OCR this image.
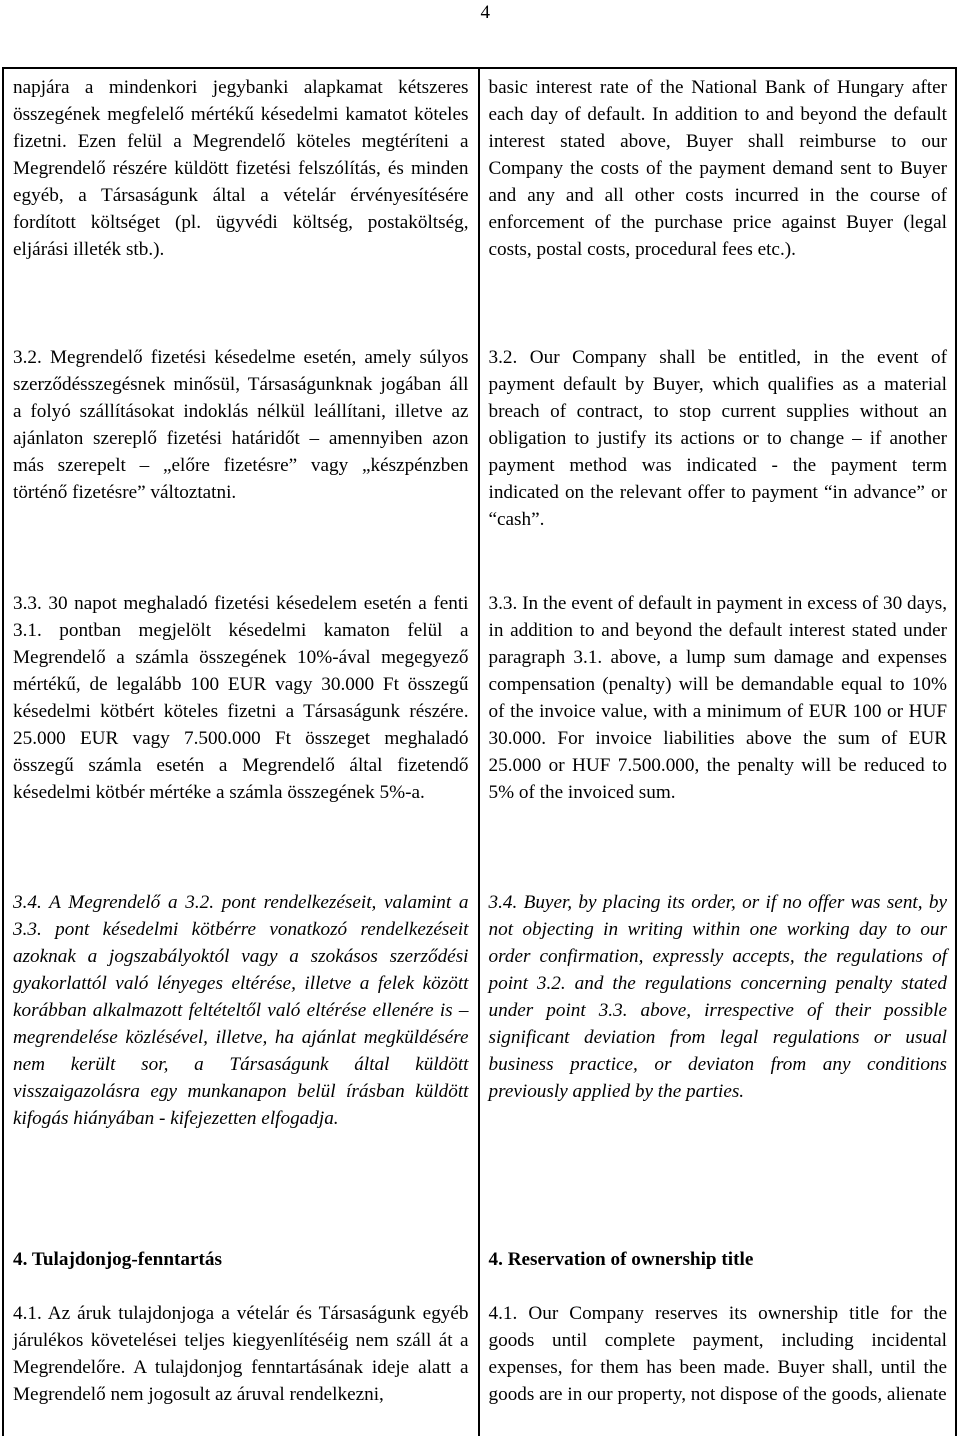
4
napjára a mindenkori jegybanki alapkamat kétszeres összegének megfelelő mértékű késedelmi kamatot köteles fizetni. Ezen felül a Megrendelő köteles megtéríteni a Megrendelő részére küldött fizetési felszólítás, és minden egyéb, a Társaságunk által a vételár érvényesítésére fordított költséget (pl. ügyvédi költség, postaköltség, eljárási illeték stb.).
3.2. Megrendelő fizetési késedelme esetén, amely súlyos szerződésszegésnek minősül, Társaságunknak jogában áll a folyó szállításokat indoklás nélkül leállítani, illetve az ajánlaton szereplő fizetési határidőt – amennyiben azon más szerepelt – „előre fizetésre” vagy „készpénzben történő fizetésre” változtatni.
3.3. 30 napot meghaladó fizetési késedelem esetén a fenti 3.1. pontban megjelölt késedelmi kamaton felül a Megrendelő a számla összegének 10%-ával megegyező mértékű, de legalább 100 EUR vagy 30.000 Ft összegű késedelmi kötbért köteles fizetni a Társaságunk részére. 25.000 EUR vagy 7.500.000 Ft összeget meghaladó összegű számla esetén a Megrendelő által fizetendő késedelmi kötbér mértéke a számla összegének 5%-a.
3.4. A Megrendelő a 3.2. pont rendelkezéseit, valamint a 3.3. pont késedelmi kötbérre vonatkozó rendelkezéseit azoknak a jogszabályoktól vagy a szokásos szerződési gyakorlattól való lényeges eltérése, illetve a felek között korábban alkalmazott feltételtől való eltérése ellenére is – megrendelése közlésével, illetve, ha ajánlat megküldésére nem került sor, a Társaságunk által küldött visszaigazolásra egy munkanapon belül írásban küldött kifogás hiányában - kifejezetten elfogadja.
4. Tulajdonjog-fenntartás
4.1. Az áruk tulajdonjoga a vételár és Társaságunk egyéb járulékos követelései teljes kiegyenlítéséig nem száll át a Megrendelőre. A tulajdonjog fenntartásának ideje alatt a Megrendelő nem jogosult az áruval rendelkezni,
basic interest rate of the National Bank of Hungary after each day of default. In addition to and beyond the default interest stated above, Buyer shall reimburse to our Company the costs of the payment demand sent to Buyer and any and all other costs incurred in the course of enforcement of the purchase price against Buyer (legal costs, postal costs, procedural fees etc.).
3.2. Our Company shall be entitled, in the event of payment default by Buyer, which qualifies as a material breach of contract, to stop current supplies without an obligation to justify its actions or to change – if another payment method was indicated - the payment term indicated on the relevant offer to payment “in advance” or “cash”.
3.3. In the event of default in payment in excess of 30 days, in addition to and beyond the default interest stated under paragraph 3.1. above, a lump sum damage and expenses compensation (penalty) will be demandable equal to 10% of the invoice value, with a minimum of EUR 100 or HUF 30.000. For invoice liabilities above the sum of EUR 25.000 or HUF 7.500.000, the penalty will be reduced to 5% of the invoiced sum.
3.4. Buyer, by placing its order, or if no offer was sent, by not objecting in writing within one working day to our order confirmation, expressly accepts, the regulations of point 3.2. and the regulations concerning penalty stated under point 3.3. above, irrespective of their possible significant deviation from legal regulations or usual business practice, or deviaton from any conditions previously applied by the parties.
4. Reservation of ownership title
4.1. Our Company reserves its ownership title for the goods until complete payment, including incidental expenses, for them has been made. Buyer shall, until the goods are in our property, not dispose of the goods, alienate
